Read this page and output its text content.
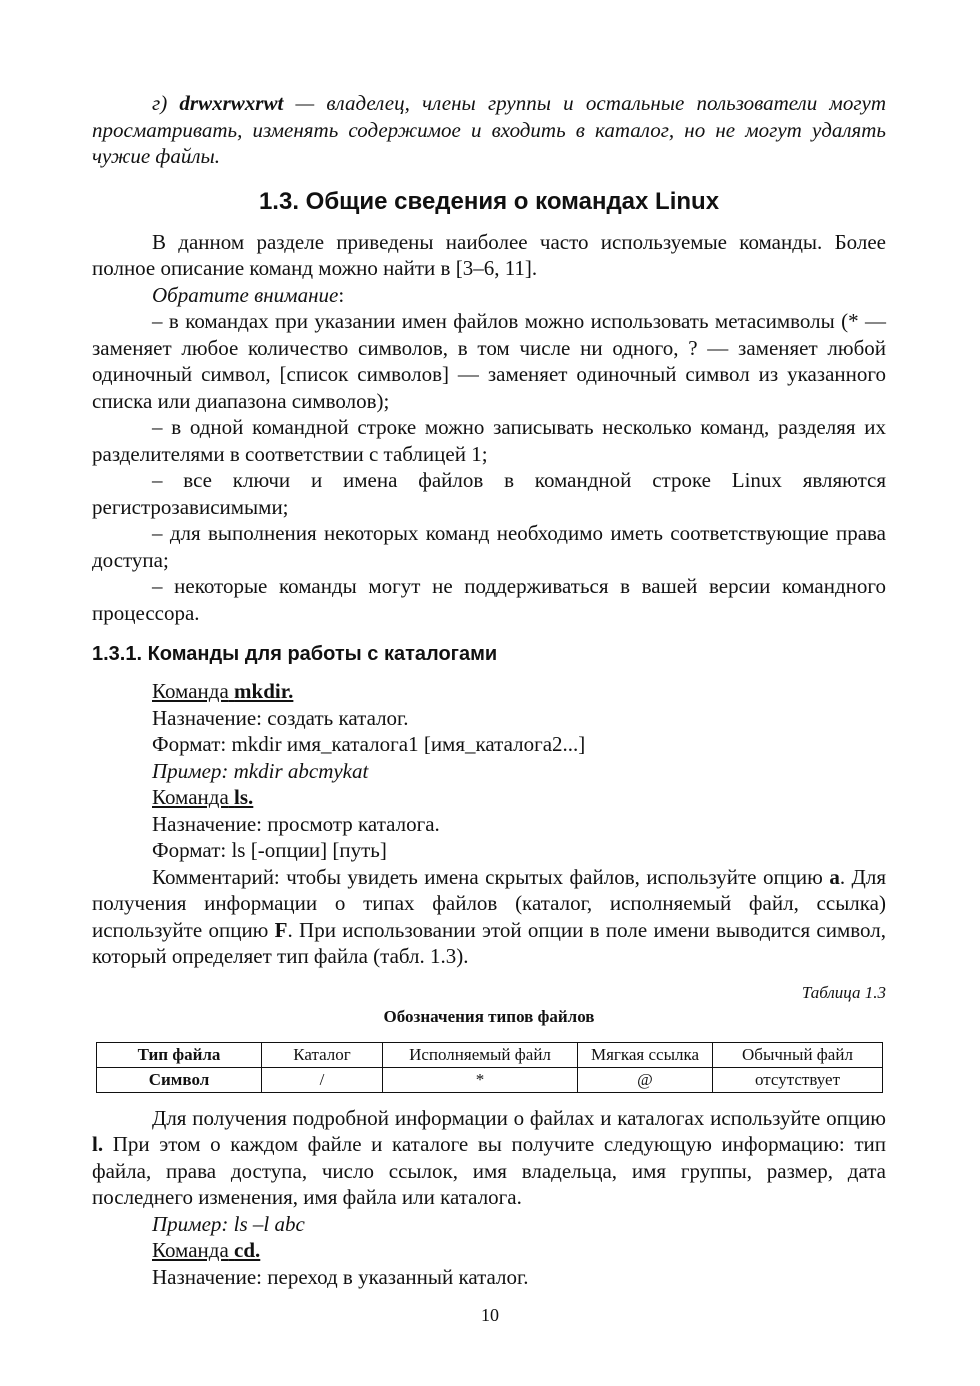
г) drwxrwxrwt — владелец, члены группы и остальные пользователи могут просматривать, изменять содержимое и входить в каталог, но не могут удалять чужие файлы.

1.3. Общие сведения о командах Linux

В данном разделе приведены наиболее часто используемые команды. Более полное описание команд можно найти в [3–6, 11].

Обратите внимание:

– в командах при указании имен файлов можно использовать метасимволы (* — заменяет любое количество символов, в том числе ни одного, ? — заменяет любой одиночный символ, [список символов] — заменяет одиночный символ из указанного списка или диапазона символов);

– в одной командной строке можно записывать несколько команд, разделяя их разделителями в соответствии с таблицей 1;

– все ключи и имена файлов в командной строке Linux являются регистрозависимыми;

– для выполнения некоторых команд необходимо иметь соответствующие права доступа;

– некоторые команды могут не поддерживаться в вашей версии командного процессора.

1.3.1. Команды для работы с каталогами

Команда mkdir.

Назначение: создать каталог.

Формат: mkdir имя_каталога1 [имя_каталога2...]

Пример: mkdir abcmykat

Команда ls.

Назначение: просмотр каталога.

Формат: ls [-опции] [путь]

Комментарий: чтобы увидеть имена скрытых файлов, используйте опцию a. Для получения информации о типах файлов (каталог, исполняемый файл, ссылка) используйте опцию F. При использовании этой опции в поле имени выводится символ, который определяет тип файла (табл. 1.3).

Таблица 1.3
Обозначения типов файлов
Тип файла	Каталог	Исполняемый файл	Мягкая ссылка	Обычный файл
Символ	/	*	@	отсутствует

Для получения подробной информации о файлах и каталогах используйте опцию l. При этом о каждом файле и каталоге вы получите следующую информацию: тип файла, права доступа, число ссылок, имя владельца, имя группы, размер, дата последнего изменения, имя файла или каталога.

Пример: ls –l abc

Команда cd.

Назначение: переход в указанный каталог.

10
